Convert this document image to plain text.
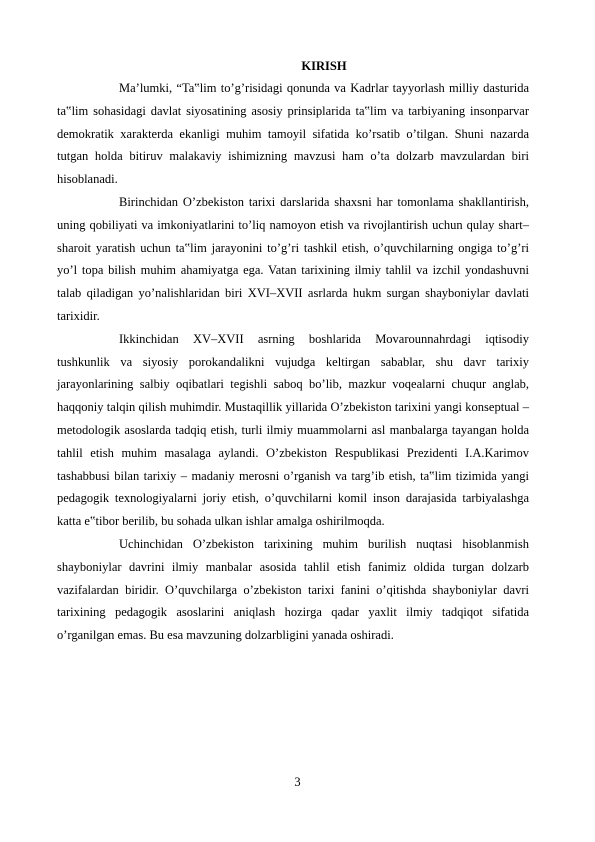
KIRISH

Ma’lumki, “Ta‟lim to’g’risidagi qonunda va Kadrlar tayyorlash milliy dasturida ta‟lim sohasidagi davlat siyosatining asosiy prinsiplarida ta‟lim va tarbiyaning insonparvar demokratik xarakterda ekanligi muhim tamoyil sifatida ko’rsatib o’tilgan. Shuni nazarda tutgan holda bitiruv malakaviy ishimizning mavzusi ham o’ta dolzarb mavzulardan biri hisoblanadi.

Birinchidan O’zbekiston tarixi darslarida shaxsni har tomonlama shakllantirish, uning qobiliyati va imkoniyatlarini to’liq namoyon etish va rivojlantirish uchun qulay shart–sharoit yaratish uchun ta‟lim jarayonini to’g’ri tashkil etish, o’quvchilarning ongiga to’g’ri yo’l topa bilish muhim ahamiyatga ega. Vatan tarixining ilmiy tahlil va izchil yondashuvni talab qiladigan yo’nalishlaridan biri XVI–XVII asrlarda hukm surgan shayboniylar davlati tarixidir.

Ikkinchidan XV–XVII asrning boshlarida Movarounnahrdagi iqtisodiy tushkunlik va siyosiy porokandalikni vujudga keltirgan sabablar, shu davr tarixiy jarayonlarining salbiy oqibatlari tegishli saboq bo’lib, mazkur voqealarni chuqur anglab, haqqoniy talqin qilish muhimdir. Mustaqillik yillarida O’zbekiston tarixini yangi konseptual – metodologik asoslarda tadqiq etish, turli ilmiy muammolarni asl manbalarga tayangan holda tahlil etish muhim masalaga aylandi. O’zbekiston Respublikasi Prezidenti I.A.Karimov tashabbusi bilan tarixiy – madaniy merosni o’rganish va targ’ib etish, ta‟lim tizimida yangi pedagogik texnologiyalarni joriy etish, o’quvchilarni komil inson darajasida tarbiyalashga katta e‟tibor berilib, bu sohada ulkan ishlar amalga oshirilmoqda.

Uchinchidan O’zbekiston tarixining muhim burilish nuqtasi hisoblanmish shayboniylar davrini ilmiy manbalar asosida tahlil etish fanimiz oldida turgan dolzarb vazifalardan biridir. O’quvchilarga o’zbekiston tarixi fanini o’qitishda shayboniylar davri tarixining pedagogik asoslarini aniqlash hozirga qadar yaxlit ilmiy tadqiqot sifatida o’rganilgan emas. Bu esa mavzuning dolzarbligini yanada oshiradi.

3
